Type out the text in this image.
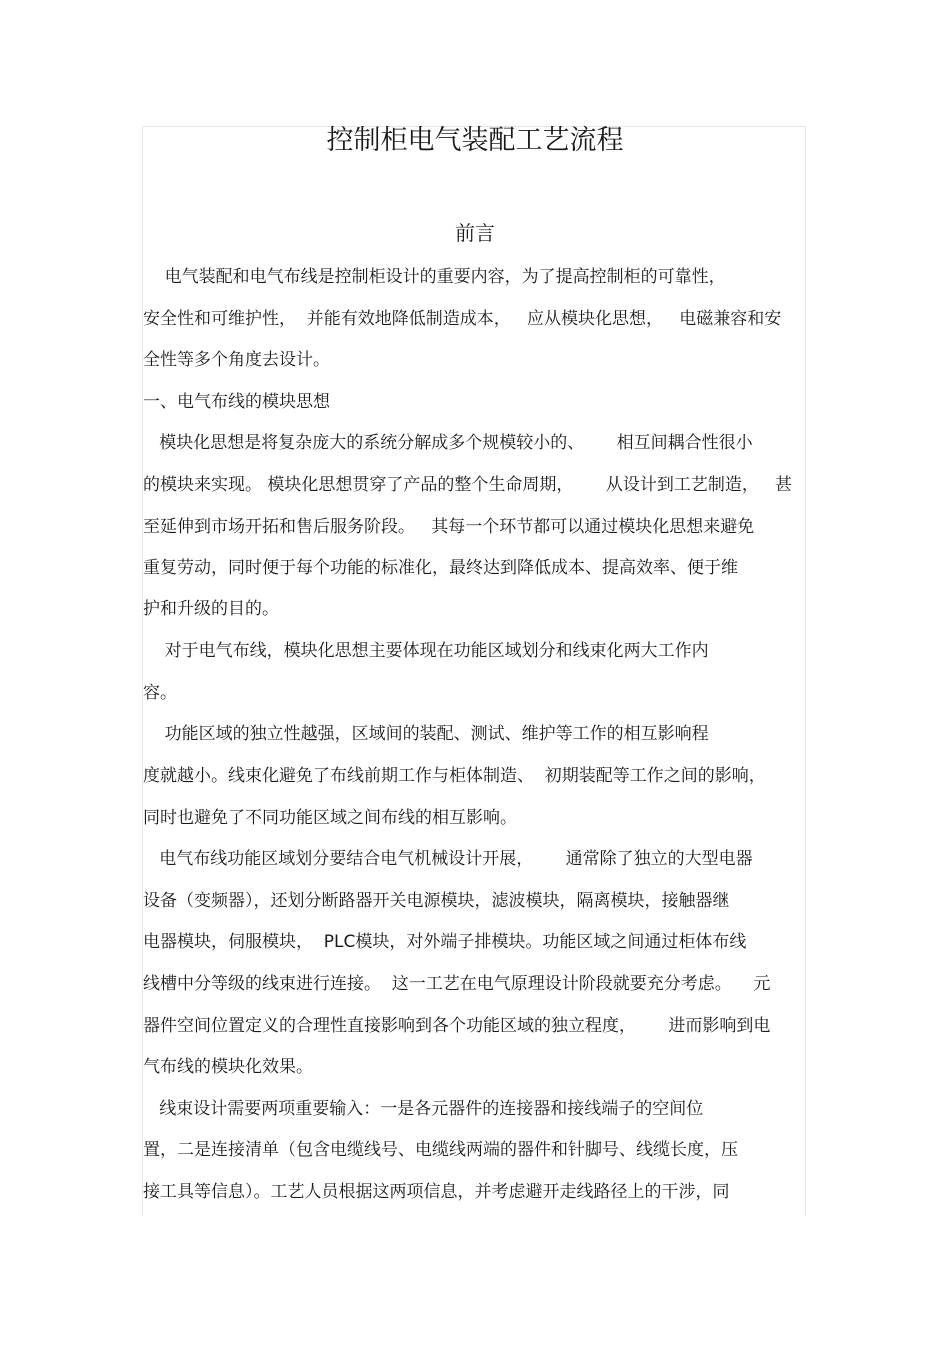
控制柜电气装配工艺流程
前言
电气装配和电气布线是控制柜设计的重要内容，为了提高控制柜的可靠性，
安全性和可维护性，  并能有效地降低制造成本，   应从模块化思想，   电磁兼容和安
全性等多个角度去设计。
一、电气布线的模块思想
模块化思想是将复杂庞大的系统分解成多个规模较小的、      相互间耦合性很小
的模块来实现。 模块化思想贯穿了产品的整个生命周期，      从设计到工艺制造，   甚
至延伸到市场开拓和售后服务阶段。   其每一个环节都可以通过模块化思想来避免
重复劳动，同时便于每个功能的标准化，最终达到降低成本、提高效率、便于维
护和升级的目的。
对于电气布线，模块化思想主要体现在功能区域划分和线束化两大工作内
容。
功能区域的独立性越强，区域间的装配、测试、维护等工作的相互影响程
度就越小。线束化避免了布线前期工作与柜体制造、  初期装配等工作之间的影响，
同时也避免了不同功能区域之间布线的相互影响。
电气布线功能区域划分要结合电气机械设计开展，      通常除了独立的大型电器
设备（变频器），还划分断路器开关电源模块，滤波模块，隔离模块，接触器继
电器模块，伺服模块，  PLC模块，对外端子排模块。功能区域之间通过柜体布线
线槽中分等级的线束进行连接。  这一工艺在电气原理设计阶段就要充分考虑。    元
器件空间位置定义的合理性直接影响到各个功能区域的独立程度，      进而影响到电
气布线的模块化效果。
线束设计需要两项重要输入：一是各元器件的连接器和接线端子的空间位
置，二是连接清单（包含电缆线号、电缆线两端的器件和针脚号、线缆长度，压
接工具等信息）。工艺人员根据这两项信息，并考虑避开走线路径上的干涉，同
